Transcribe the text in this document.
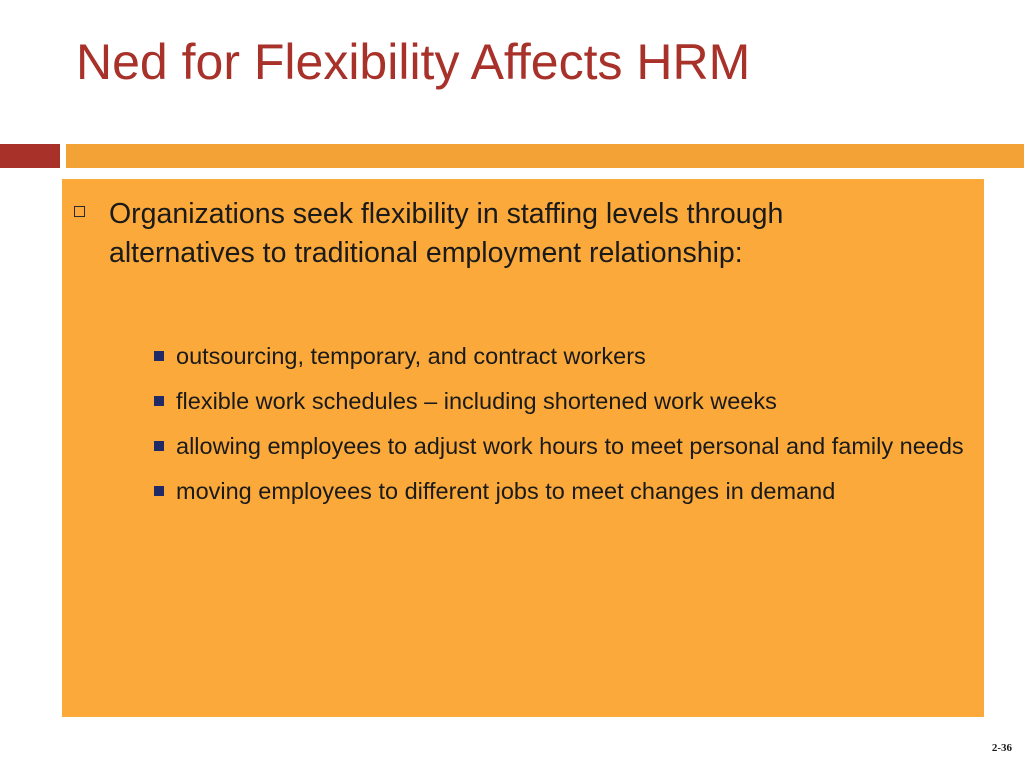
Ned for Flexibility Affects HRM
Organizations seek flexibility in staffing levels through alternatives to traditional employment relationship:
outsourcing, temporary, and contract workers
flexible work schedules – including shortened work weeks
allowing employees to adjust work hours to meet personal and family needs
moving employees to different jobs to meet changes in demand
2-36
